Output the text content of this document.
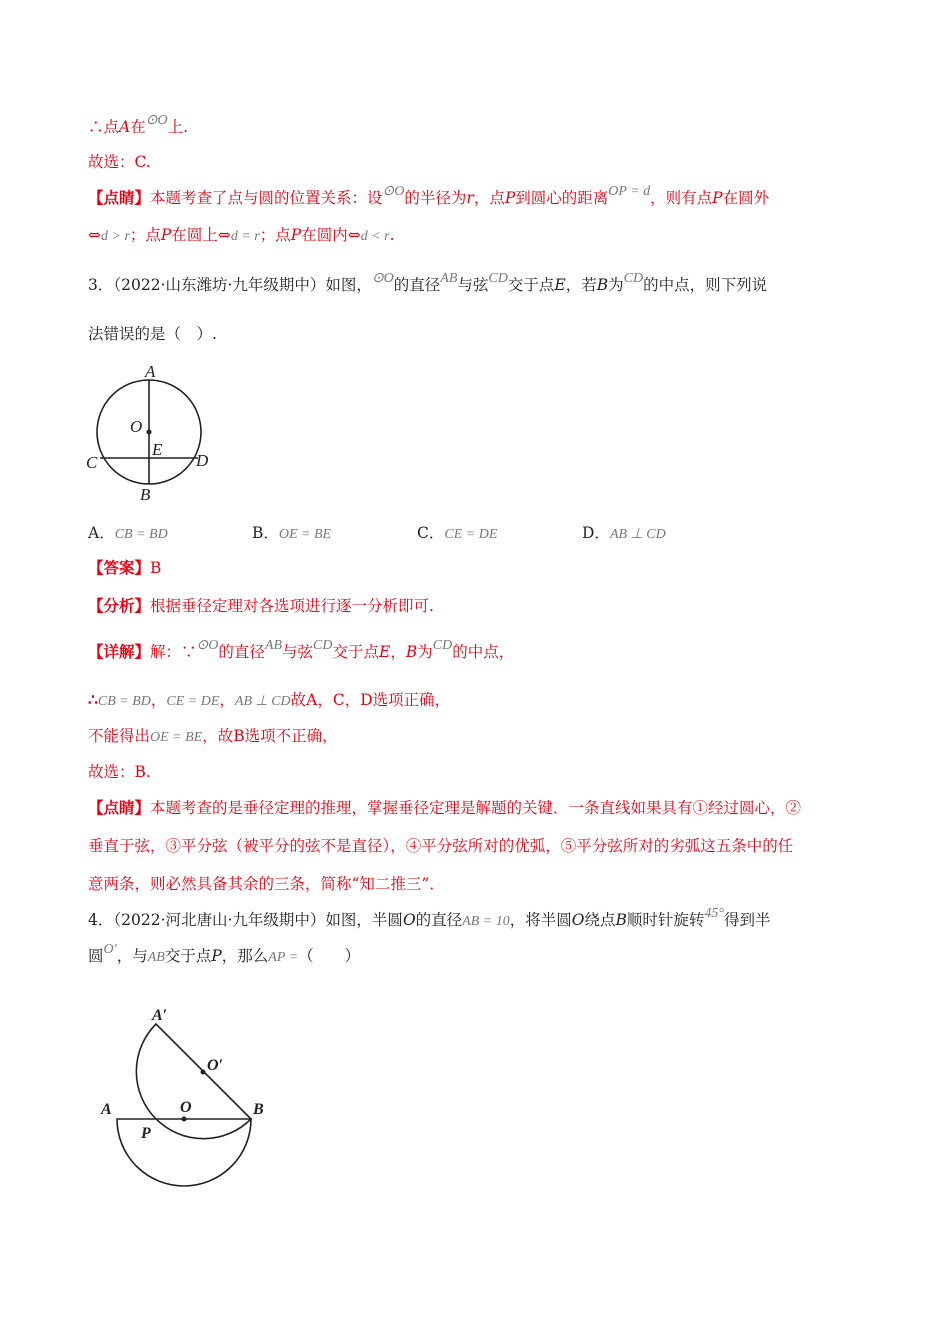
∴点A在⊙O上.
故选：C.
【点睛】本题考查了点与圆的位置关系：设⊙O的半径为r，点P到圆心的距离OP = d，则有点P在圆外
⇔d > r；点P在圆上⇔d = r；点P在圆内⇔d < r.
3．（2022·山东潍坊·九年级期中）如图，⊙O的直径AB与弦CD交于点E，若B为CD的中点，则下列说
法错误的是（　）.
A
O
E
C	D
B
A．CB = BD	B．OE = BE	C．CE = DE	D．AB ⊥ CD
【答案】B
【分析】根据垂径定理对各选项进行逐一分析即可.
【详解】解：∵⊙O的直径AB与弦CD交于点E，B为CD的中点，
∴CB = BD，CE = DE，AB ⊥ CD故A，C，D选项正确，
不能得出OE = BE，故B选项不正确，
故选：B.
【点睛】本题考查的是垂径定理的推理，掌握垂径定理是解题的关键．一条直线如果具有①经过圆心，②
垂直于弦，③平分弦（被平分的弦不是直径），④平分弦所对的优弧，⑤平分弦所对的劣弧这五条中的任
意两条，则必然具备其余的三条，简称“知二推三”．
4．（2022·河北唐山·九年级期中）如图，半圆O的直径AB = 10，将半圆O绕点B顺时针旋转45°得到半
圆O′，与AB交于点P，那么AP =（　　）
A′
O′
A	O	B
P
